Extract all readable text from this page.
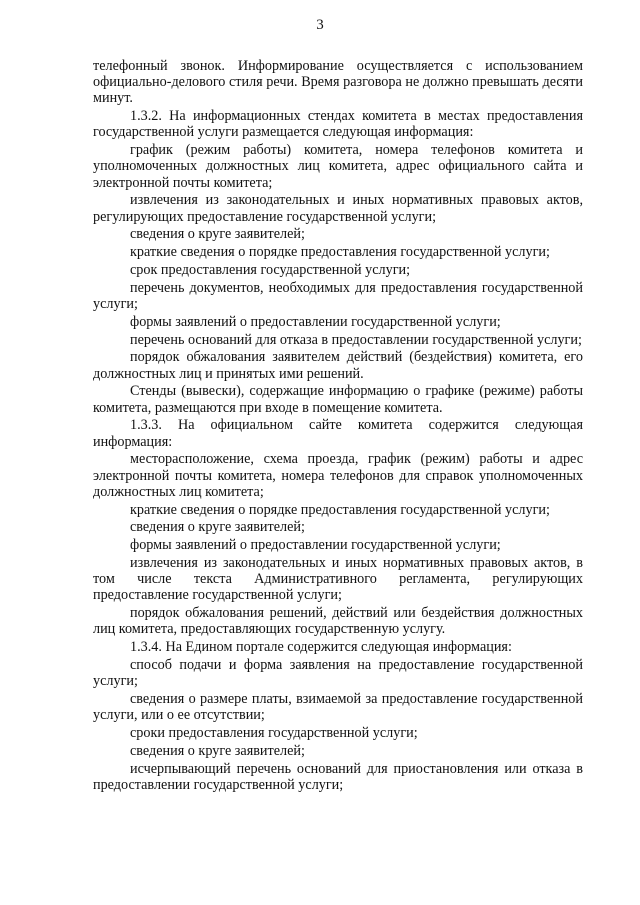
3

телефонный звонок. Информирование осуществляется с использованием официально-делового стиля речи. Время разговора не должно превышать десяти минут.

1.3.2. На информационных стендах комитета в местах предоставления государственной услуги размещается следующая информация:

график (режим работы) комитета, номера телефонов комитета и уполномоченных должностных лиц комитета, адрес официального сайта и электронной почты комитета;

извлечения из законодательных и иных нормативных правовых актов, регулирующих предоставление государственной услуги;

сведения о круге заявителей;

краткие сведения о порядке предоставления государственной услуги;

срок предоставления государственной услуги;

перечень документов, необходимых для предоставления государственной услуги;

формы заявлений о предоставлении государственной услуги;

перечень оснований для отказа в предоставлении государственной услуги;

порядок обжалования заявителем действий (бездействия) комитета, его должностных лиц и принятых ими решений.

Стенды (вывески), содержащие информацию о графике (режиме) работы комитета, размещаются при входе в помещение комитета.

1.3.3. На официальном сайте комитета содержится следующая информация:

месторасположение, схема проезда, график (режим) работы и адрес электронной почты комитета, номера телефонов для справок уполномоченных должностных лиц комитета;

краткие сведения о порядке предоставления государственной услуги;

сведения о круге заявителей;

формы заявлений о предоставлении государственной услуги;

извлечения из законодательных и иных нормативных правовых актов, в том числе текста Административного регламента, регулирующих предоставление государственной услуги;

порядок обжалования решений, действий или бездействия должностных лиц комитета, предоставляющих государственную услугу.

1.3.4. На Едином портале содержится следующая информация:

способ подачи и форма заявления на предоставление государственной услуги;

сведения о размере платы, взимаемой за предоставление государственной услуги, или о ее отсутствии;

сроки предоставления государственной услуги;

сведения о круге заявителей;

исчерпывающий перечень оснований для приостановления или отказа в предоставлении государственной услуги;
